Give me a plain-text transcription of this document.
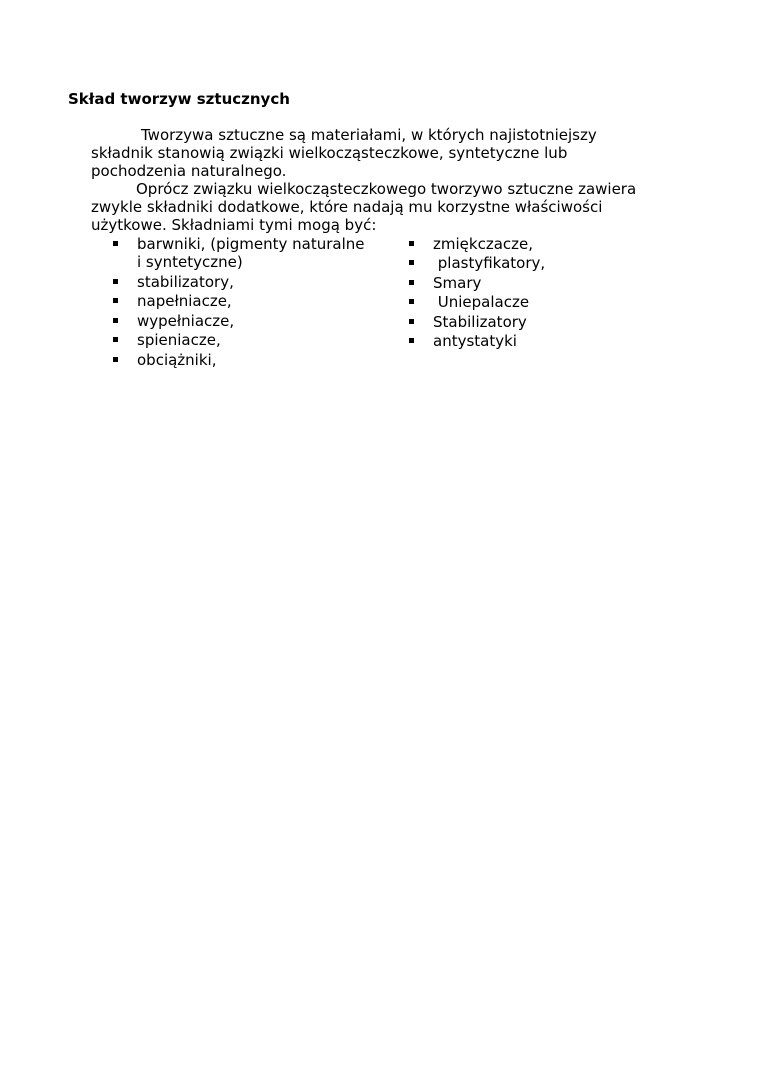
Skład tworzyw sztucznych
Tworzywa sztuczne są materiałami, w których najistotniejszy
składnik stanowią związki wielkocząsteczkowe, syntetyczne lub
pochodzenia naturalnego.
Oprócz związku wielkocząsteczkowego tworzywo sztuczne zawiera
zwykle składniki dodatkowe, które nadają mu korzystne właściwości
użytkowe. Składniami tymi mogą być:
barwniki, (pigmenty naturalne
i syntetyczne)
stabilizatory,
napełniacze,
wypełniacze,
spieniacze,
obciążniki,
zmiękczacze,
plastyfikatory,
Smary
Uniepalacze
Stabilizatory
antystatyki
